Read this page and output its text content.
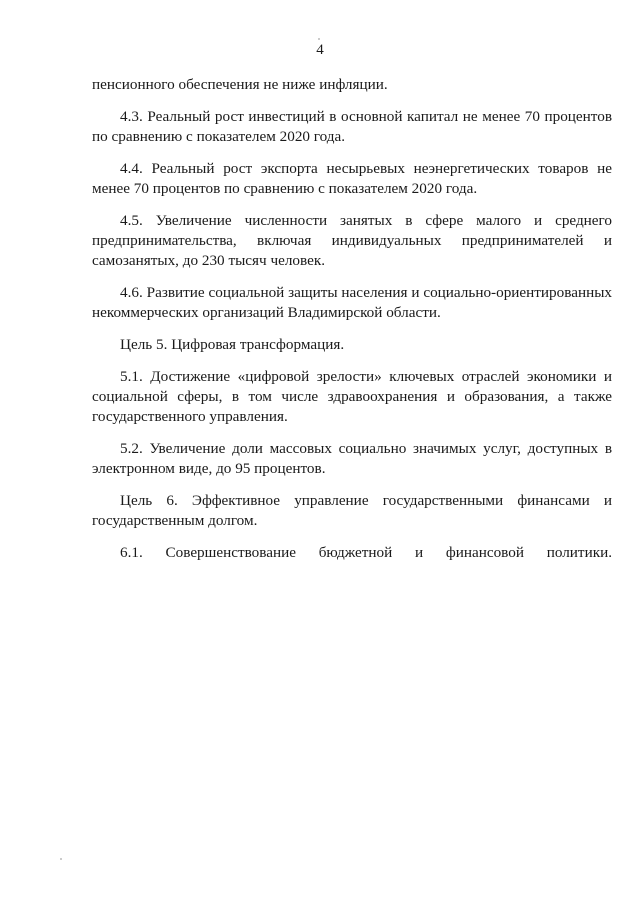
4

пенсионного обеспечения не ниже инфляции.

4.3. Реальный рост инвестиций в основной капитал не менее 70 процентов по сравнению с показателем 2020 года.

4.4. Реальный рост экспорта несырьевых неэнергетических товаров не менее 70 процентов по сравнению с показателем 2020 года.

4.5. Увеличение численности занятых в сфере малого и среднего предпринимательства, включая индивидуальных предпринимателей и самозанятых, до 230 тысяч человек.

4.6. Развитие социальной защиты населения и социально-ориентированных некоммерческих организаций Владимирской области.

Цель 5. Цифровая трансформация.

5.1. Достижение «цифровой зрелости» ключевых отраслей экономики и социальной сферы, в том числе здравоохранения и образования, а также государственного управления.

5.2. Увеличение доли массовых социально значимых услуг, доступных в электронном виде, до 95 процентов.

Цель 6. Эффективное управление государственными финансами и государственным долгом.

6.1. Совершенствование бюджетной и финансовой политики.
